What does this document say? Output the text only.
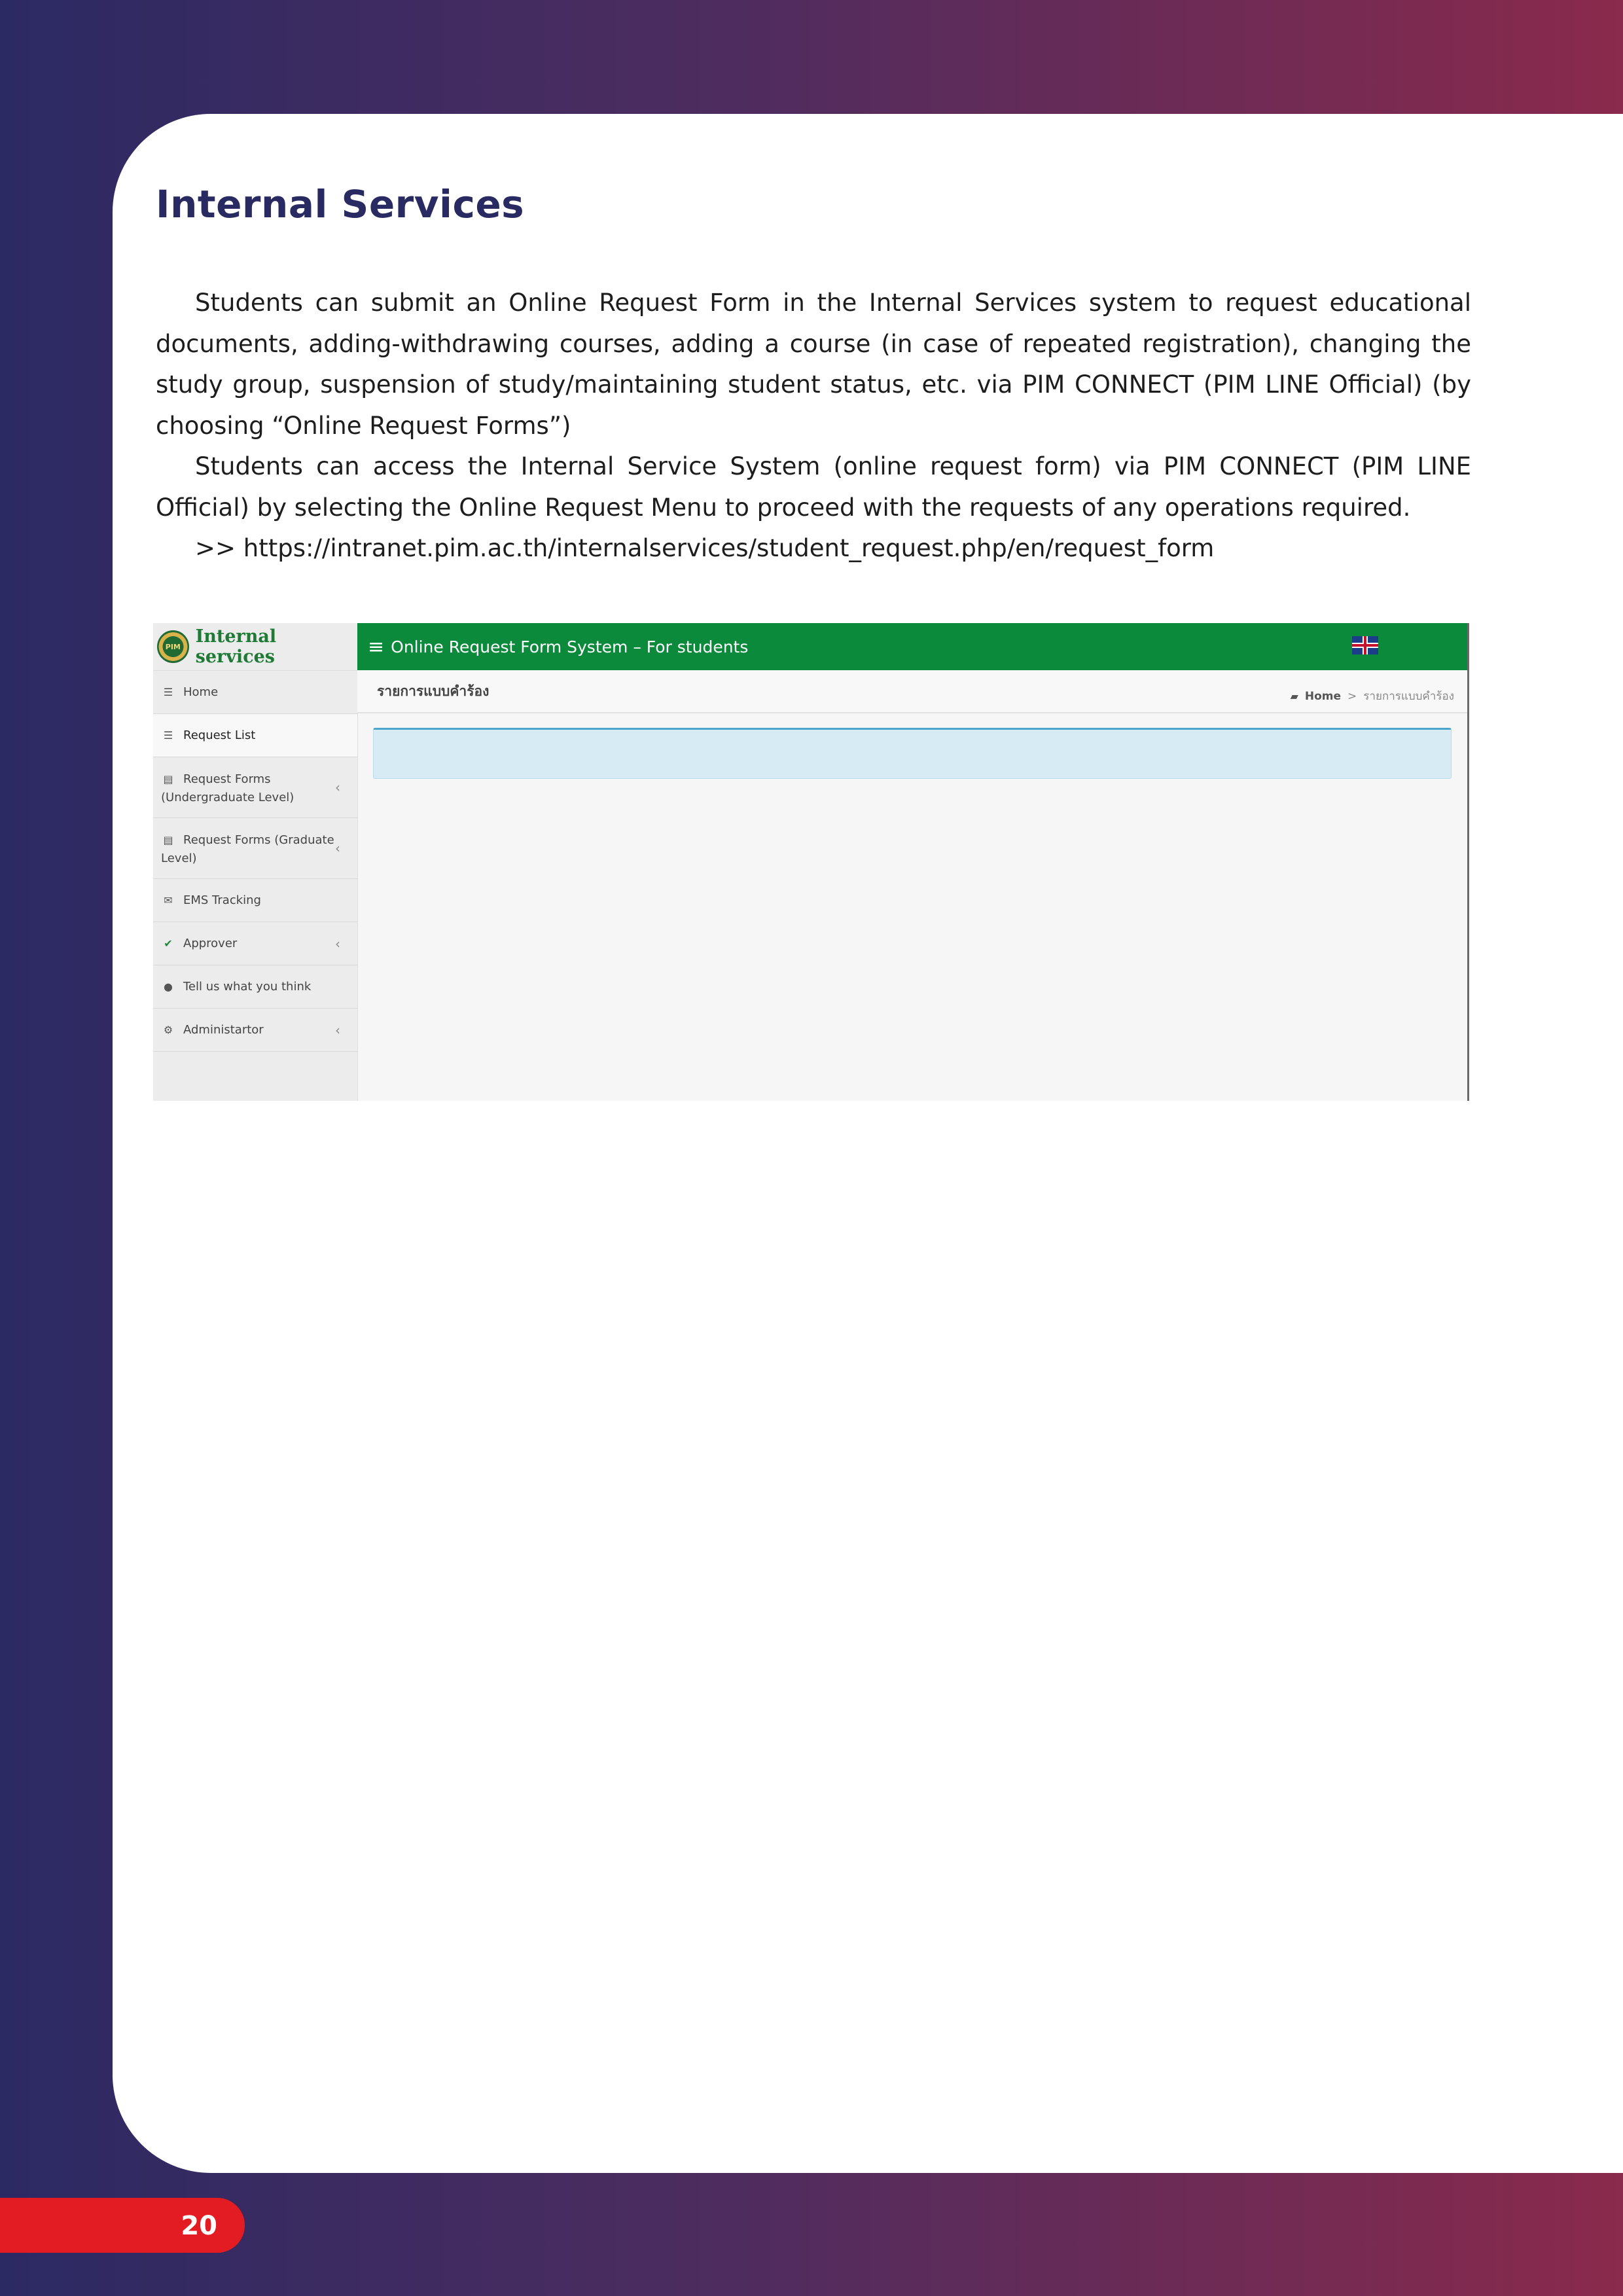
Internal Services

Students can submit an Online Request Form in the Internal Services system to request educational documents, adding-withdrawing courses, adding a course (in case of repeated registration), changing the study group, suspension of study/maintaining student status, etc. via PIM CONNECT (PIM LINE Official) (by choosing “Online Request Forms”)

Students can access the Internal Service System (online request form) via PIM CONNECT (PIM LINE Official) by selecting the Online Request Menu to proceed with the requests of any operations required.

>> https://intranet.pim.ac.th/internalservices/student_request.php/en/request_form

PIM Internal services
☰ Home
☰ Request List
▤ Request Forms (Undergraduate Level)
‹
▤ Request Forms (Graduate Level)
‹
✉ EMS Tracking
✔ Approver	‹
● Tell us what you think
⚙ Administartor	‹
≡ Online Request Form System – For students
รายการแบบคำร้อง	▰ Home > รายการแบบคำร้อง
20
